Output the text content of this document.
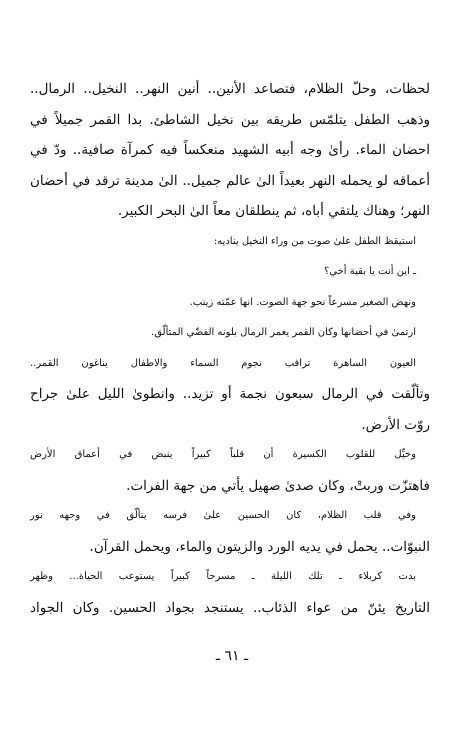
لحظات، وحلّ الظلام، فتصاعد الأنين.. أنين النهر.. النخيل.. الرمال..
وذهب الطفل يتلمّس طريقه بين نخيل الشاطئ. بدا القمر جميلاً في
احضان الماء. رأىٰ وجه أبيه الشهيد منعكساً فيه كمرآة صافية.. ودّ في
أعماقه لو يحمله النهر بعيداً الىٰ عالم جميل.. الىٰ مدينة ترقد في أحضان
النهر؛ وهناك يلتقي أباه، ثم ينطلقان معاً الىٰ البحر الكبير.
استيقظ الطفل علىٰ صوت من وراء النخيل يناديه:
ـ اين أنت يا بقية أخي؟
ونهض الصغير مسرعاً نحو جهة الصوت. انها عمّته زينب.
ارتمىٰ في أحضانها وكان القمر يغمر الرمال بلونه الفضّي المتألّق.
العيون الساهرة تراقب نجوم السماء والاطفال يناغون القمر..
وتألّقت في الرمال سبعون نجمة أو تزيد.. وانطوىٰ الليل علىٰ جراح
روّت الأرض.
وخيِّل للقلوب الكسيرة أن قلباً كبيراً ينبض في أعماق الأرض
فاهتزّت وربتْ، وكان صدىٰ صهيل يأتي من جهة الفرات.
وفي قلب الظلام، كان الحسين علىٰ فرسه يتألّق في وجهه نور
النبوّات.. يحمل في يديه الورد والزيتون والماء، ويحمل القرآن.
بدت كربلاء ـ تلك الليلة ـ مسرحاً كبيراً يستوعب الحياة... وظهر
التاريخ يئنّ من عواء الذئاب.. يستنجد بجواد الحسين. وكان الجواد
ـ ٦١ ـ
